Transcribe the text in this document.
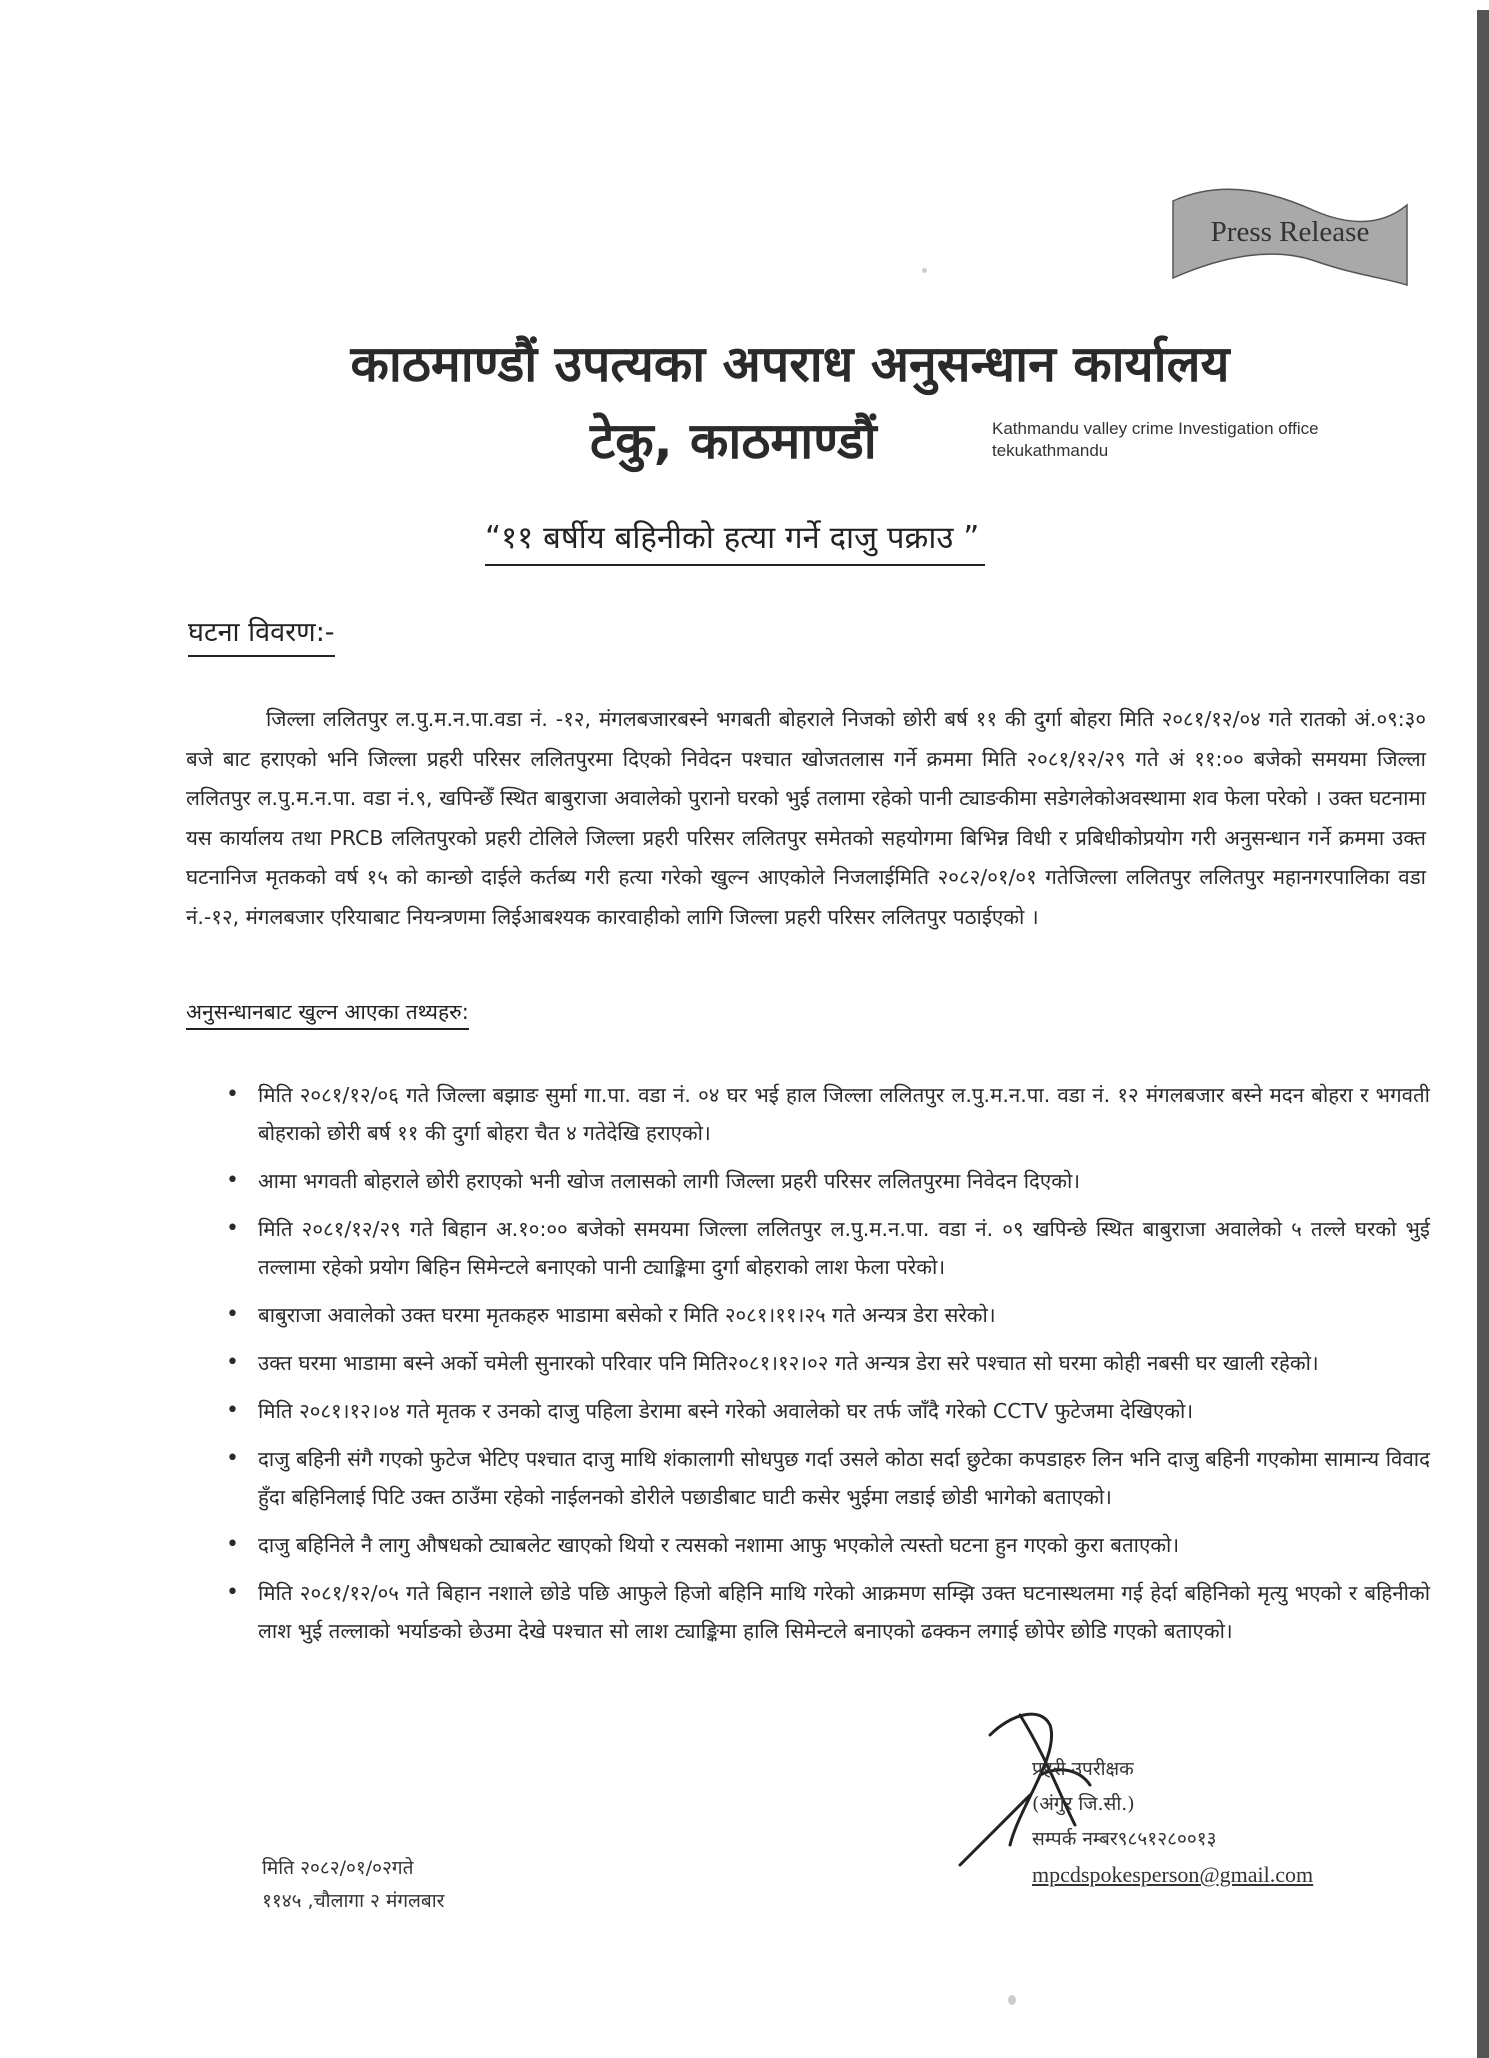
Press Release
काठमाण्डौं उपत्यका अपराध अनुसन्धान कार्यालय
टेकु, काठमाण्डौं	Kathmandu valley crime Investigation office
tekukathmandu
“११ बर्षीय बहिनीको हत्या गर्ने दाजु पक्राउ ”
घटना विवरण:-
जिल्ला ललितपुर ल.पु.म.न.पा.वडा नं. -१२, मंगलबजारबस्ने भगबती बोहराले निजको छोरी बर्ष ११ की दुर्गा बोहरा मिति २०८१/१२/०४ गते रातको अं.०९:३० बजे बाट हराएको भनि जिल्ला प्रहरी परिसर ललितपुरमा दिएको निवेदन पश्चात खोजतलास गर्ने क्रममा मिति २०८१/१२/२९ गते अं ११:०० बजेको समयमा जिल्ला ललितपुर ल.पु.म.न.पा. वडा नं.९, खपिन्छेँ स्थित बाबुराजा अवालेको पुरानो घरको भुई तलामा रहेको पानी ट्याङकीमा सडेगलेकोअवस्थामा शव फेला परेको । उक्त घटनामा यस कार्यालय तथा PRCB ललितपुरको प्रहरी टोलिले जिल्ला प्रहरी परिसर ललितपुर समेतको सहयोगमा बिभिन्न विधी र प्रबिधीकोप्रयोग गरी अनुसन्धान गर्ने क्रममा उक्त घटनानिज मृतकको वर्ष १५ को कान्छो दाईले कर्तब्य गरी हत्या गरेको खुल्न आएकोले निजलाईमिति २०८२/०१/०१ गतेजिल्ला ललितपुर ललितपुर महानगरपालिका वडा नं.-१२, मंगलबजार एरियाबाट नियन्त्रणमा लिईआबश्यक कारवाहीको लागि जिल्ला प्रहरी परिसर ललितपुर पठाईएको ।
अनुसन्धानबाट खुल्न आएका तथ्यहरु:
• मिति २०८१/१२/०६ गते जिल्ला बझाङ सुर्मा गा.पा. वडा नं. ०४ घर भई हाल जिल्ला ललितपुर ल.पु.म.न.पा. वडा नं. १२ मंगलबजार बस्ने मदन बोहरा र भगवती बोहराको छोरी बर्ष ११ की दुर्गा बोहरा चैत ४ गतेदेखि हराएको।
• आमा भगवती बोहराले छोरी हराएको भनी खोज तलासको लागी जिल्ला प्रहरी परिसर ललितपुरमा निवेदन दिएको।
• मिति २०८१/१२/२९ गते बिहान अ.१०:०० बजेको समयमा जिल्ला ललितपुर ल.पु.म.न.पा. वडा नं. ०९ खपिन्छे स्थित बाबुराजा अवालेको ५ तल्ले घरको भुई तल्लामा रहेको प्रयोग बिहिन सिमेन्टले बनाएको पानी ट्याङ्किमा दुर्गा बोहराको लाश फेला परेको।
• बाबुराजा अवालेको उक्त घरमा मृतकहरु भाडामा बसेको र मिति २०८१।११।२५ गते अन्यत्र डेरा सरेको।
• उक्त घरमा भाडामा बस्ने अर्को चमेली सुनारको परिवार पनि मिति२०८१।१२।०२ गते अन्यत्र डेरा सरे पश्चात सो घरमा कोही नबसी घर खाली रहेको।
• मिति २०८१।१२।०४ गते मृतक र उनको दाजु पहिला डेरामा बस्ने गरेको अवालेको घर तर्फ जाँदै गरेको CCTV फुटेजमा देखिएको।
• दाजु बहिनी संगै गएको फुटेज भेटिए पश्चात दाजु माथि शंकालागी सोधपुछ गर्दा उसले कोठा सर्दा छुटेका कपडाहरु लिन भनि दाजु बहिनी गएकोमा सामान्य विवाद हुँदा बहिनिलाई पिटि उक्त ठाउँमा रहेको नाईलनको डोरीले पछाडीबाट घाटी कसेर भुईमा लडाई छोडी भागेको बताएको।
• दाजु बहिनिले नै लागु औषधको ट्याबलेट खाएको थियो र त्यसको नशामा आफु भएकोले त्यस्तो घटना हुन गएको कुरा बताएको।
• मिति २०८१/१२/०५ गते बिहान नशाले छोडे पछि आफुले हिजो बहिनि माथि गरेको आक्रमण सम्झि उक्त घटनास्थलमा गई हेर्दा बहिनिको मृत्यु भएको र बहिनीको लाश भुई तल्लाको भर्याङको छेउमा देखे पश्चात सो लाश ट्याङ्किमा हालि सिमेन्टले बनाएको ढक्कन लगाई छोपेर छोडि गएको बताएको।
प्रहरी उपरीक्षक
(अंगुर जि.सी.)
सम्पर्क नम्बर९८५१२८००१३
mpcdspokesperson@gmail.com
मिति २०८२/०१/०२गते
११४५ ,चौलागा २ मंगलबार
